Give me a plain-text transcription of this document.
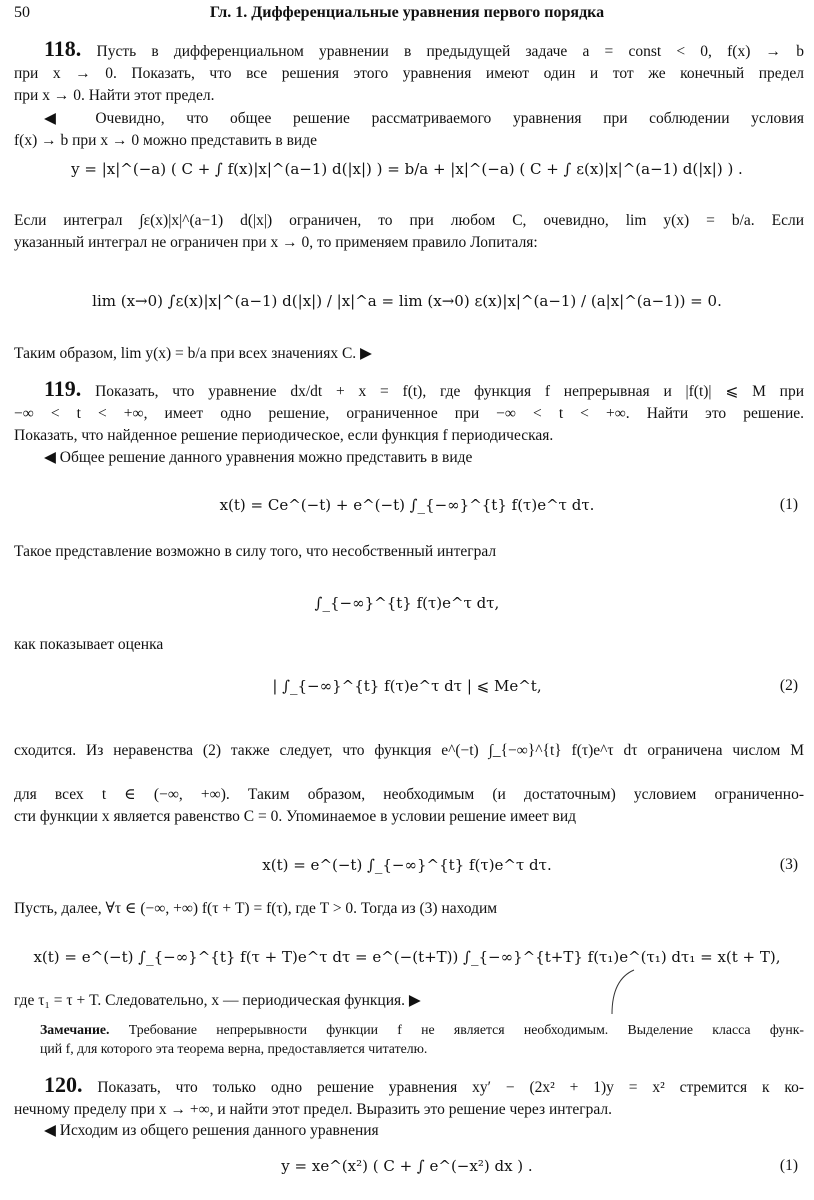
50	Гл. 1. Дифференциальные уравнения первого порядка
118. Пусть в дифференциальном уравнении в предыдущей задаче a = const < 0, f(x) → b
при x → 0. Показать, что все решения этого уравнения имеют один и тот же конечный предел
при x → 0. Найти этот предел.
◀ Очевидно, что общее решение рассматриваемого уравнения при соблюдении условия
f(x) → b при x → 0 можно представить в виде
y = |x|^(−a) ( C + ∫ f(x)|x|^(a−1) d(|x|) ) = b/a + |x|^(−a) ( C + ∫ ε(x)|x|^(a−1) d(|x|) ) .
Если интеграл ∫ε(x)|x|^(a−1) d(|x|) ограничен, то при любом C, очевидно, lim y(x) = b/a. Если
указанный интеграл не ограничен при x → 0, то применяем правило Лопиталя:
lim (x→0) ∫ε(x)|x|^(a−1) d(|x|) / |x|^a = lim (x→0) ε(x)|x|^(a−1) / (a|x|^(a−1)) = 0.
Таким образом, lim y(x) = b/a при всех значениях C. ▶
119. Показать, что уравнение dx/dt + x = f(t), где функция f непрерывная и |f(t)| ⩽ M при
−∞ < t < +∞, имеет одно решение, ограниченное при −∞ < t < +∞. Найти это решение.
Показать, что найденное решение периодическое, если функция f периодическая.
◀ Общее решение данного уравнения можно представить в виде
x(t) = Ce^(−t) + e^(−t) ∫_{−∞}^{t} f(τ)e^τ dτ.	(1)
Такое представление возможно в силу того, что несобственный интеграл
∫_{−∞}^{t} f(τ)e^τ dτ,
как показывает оценка
| ∫_{−∞}^{t} f(τ)e^τ dτ | ⩽ Me^t,	(2)
сходится. Из неравенства (2) также следует, что функция e^(−t) ∫_{−∞}^{t} f(τ)e^τ dτ ограничена числом M
для всех t ∈ (−∞, +∞). Таким образом, необходимым (и достаточным) условием ограниченно-
сти функции x является равенство C = 0. Упоминаемое в условии решение имеет вид
x(t) = e^(−t) ∫_{−∞}^{t} f(τ)e^τ dτ.	(3)
Пусть, далее, ∀τ ∈ (−∞, +∞) f(τ + T) = f(τ), где T > 0. Тогда из (3) находим
x(t) = e^(−t) ∫_{−∞}^{t} f(τ + T)e^τ dτ = e^(−(t+T)) ∫_{−∞}^{t+T} f(τ₁)e^(τ₁) dτ₁ = x(t + T),
где τ₁ = τ + T. Следовательно, x — периодическая функция. ▶
Замечание. Требование непрерывности функции f не является необходимым. Выделение класса функ-
ций f, для которого эта теорема верна, предоставляется читателю.
120. Показать, что только одно решение уравнения xy′ − (2x² + 1)y = x² стремится к ко-
нечному пределу при x → +∞, и найти этот предел. Выразить это решение через интеграл.
◀ Исходим из общего решения данного уравнения
y = xe^(x²) ( C + ∫ e^(−x²) dx ) .	(1)
